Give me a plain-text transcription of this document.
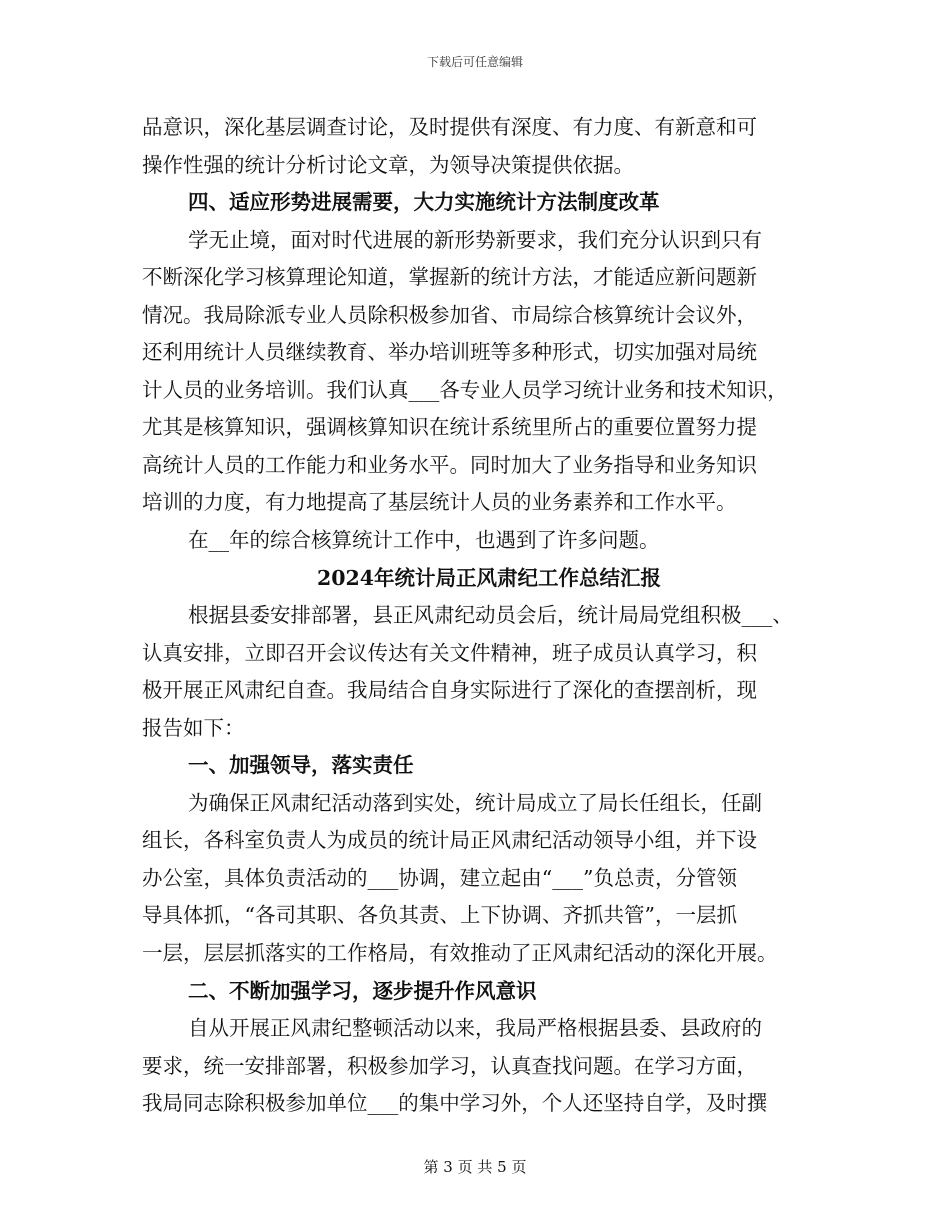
下载后可任意编辑
品意识，深化基层调查讨论，及时提供有深度、有力度、有新意和可
操作性强的统计分析讨论文章，为领导决策提供依据。
四、适应形势进展需要，大力实施统计方法制度改革
学无止境，面对时代进展的新形势新要求，我们充分认识到只有
不断深化学习核算理论知道，掌握新的统计方法，才能适应新问题新
情况。我局除派专业人员除积极参加省、市局综合核算统计会议外，
还利用统计人员继续教育、举办培训班等多种形式，切实加强对局统
计人员的业务培训。我们认真___各专业人员学习统计业务和技术知识，
尤其是核算知识，强调核算知识在统计系统里所占的重要位置努力提
高统计人员的工作能力和业务水平。同时加大了业务指导和业务知识
培训的力度，有力地提高了基层统计人员的业务素养和工作水平。
在__年的综合核算统计工作中，也遇到了许多问题。
2024年统计局正风肃纪工作总结汇报
根据县委安排部署，县正风肃纪动员会后，统计局局党组积极___、
认真安排，立即召开会议传达有关文件精神，班子成员认真学习，积
极开展正风肃纪自查。我局结合自身实际进行了深化的查摆剖析，现
报告如下：
一、加强领导，落实责任
为确保正风肃纪活动落到实处，统计局成立了局长任组长，任副
组长，各科室负责人为成员的统计局正风肃纪活动领导小组，并下设
办公室，具体负责活动的___协调，建立起由“___”负总责，分管领
导具体抓，“各司其职、各负其责、上下协调、齐抓共管”，一层抓
一层，层层抓落实的工作格局，有效推动了正风肃纪活动的深化开展。
二、不断加强学习，逐步提升作风意识
自从开展正风肃纪整顿活动以来，我局严格根据县委、县政府的
要求，统一安排部署，积极参加学习，认真查找问题。在学习方面，
我局同志除积极参加单位___的集中学习外，个人还坚持自学，及时撰
第 3 页 共 5 页
